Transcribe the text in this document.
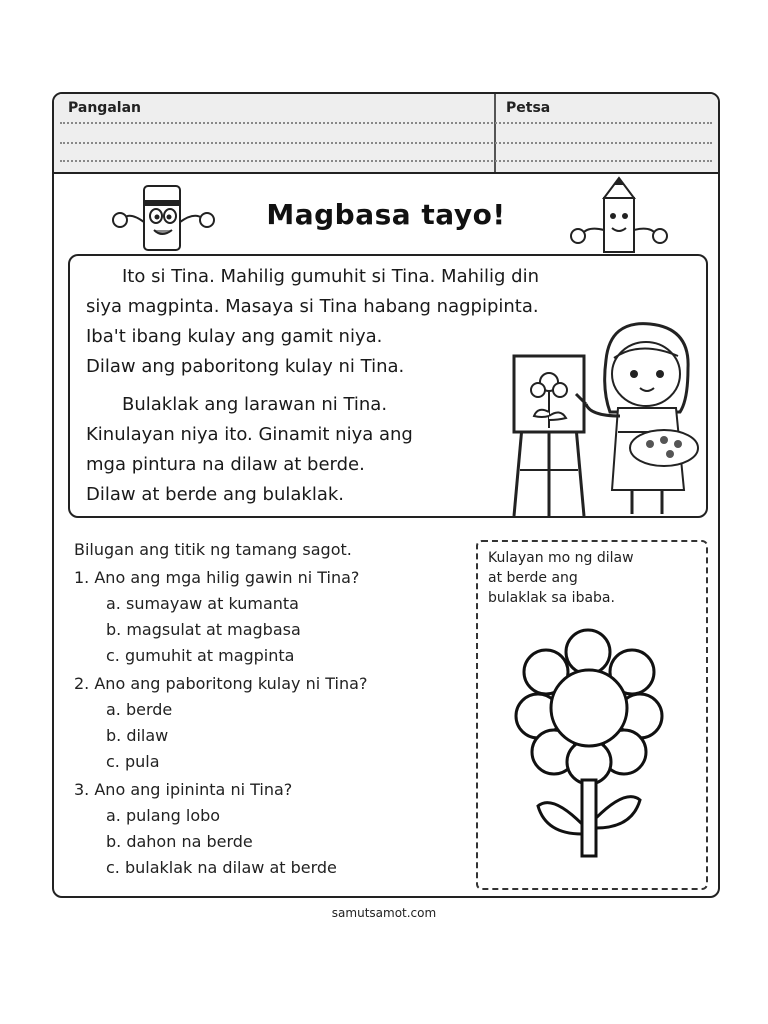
Pangalan	Petsa
Magbasa tayo!

Ito si Tina. Mahilig gumuhit si Tina. Mahilig din

siya magpinta. Masaya si Tina habang nagpipinta.

Iba't ibang kulay ang gamit niya.

Dilaw ang paboritong kulay ni Tina.

Bulaklak ang larawan ni Tina.

Kinulayan niya ito. Ginamit niya ang

mga pintura na dilaw at berde.

Dilaw at berde ang bulaklak.

Bilugan ang titik ng tamang sagot.
1. Ano ang mga hilig gawin ni Tina?
a. sumayaw at kumanta
b. magsulat at magbasa
c. gumuhit at magpinta
2. Ano ang paboritong kulay ni Tina?
a. berde
b. dilaw
c. pula
3. Ano ang ipininta ni Tina?
a. pulang lobo
b. dahon na berde
c. bulaklak na dilaw at berde
Kulayan mo ng dilaw
at berde ang
bulaklak sa ibaba.
samutsamot.com
